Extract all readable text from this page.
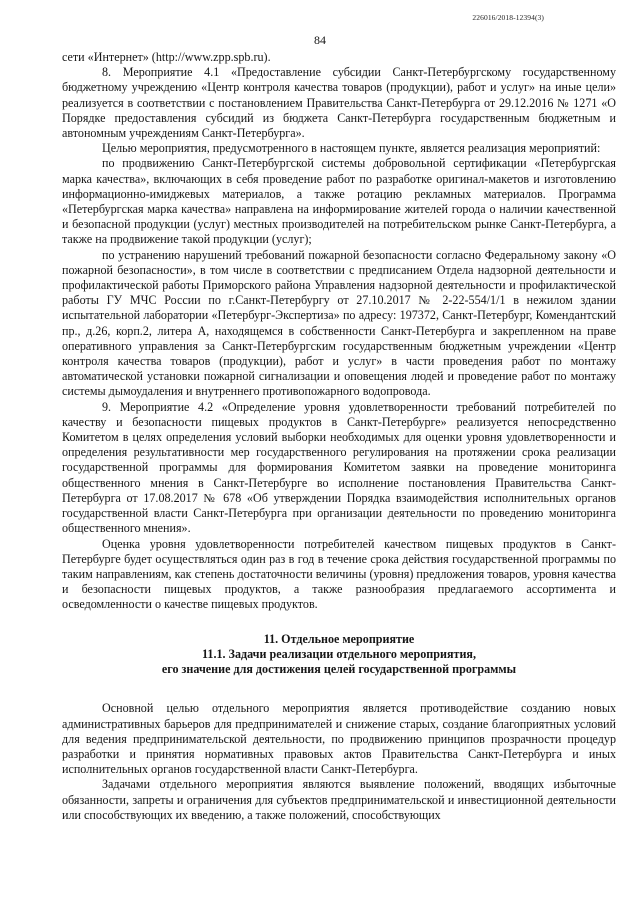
226016/2018-12394(3)
84

сети «Интернет» (http://www.zpp.spb.ru).

8. Мероприятие 4.1 «Предоставление субсидии Санкт-Петербургскому государственному бюджетному учреждению «Центр контроля качества товаров (продукции), работ и услуг» на иные цели» реализуется в соответствии с постановлением Правительства Санкт-Петербурга от 29.12.2016 № 1271 «О Порядке предоставления субсидий из бюджета Санкт-Петербурга государственным бюджетным и автономным учреждениям Санкт-Петербурга».

Целью мероприятия, предусмотренного в настоящем пункте, является реализация мероприятий:

по продвижению Санкт-Петербургской системы добровольной сертификации «Петербургская марка качества», включающих в себя проведение работ по разработке оригинал-макетов и изготовлению информационно-имиджевых материалов, а также ротацию рекламных материалов. Программа «Петербургская марка качества» направлена на информирование жителей города о наличии качественной и безопасной продукции (услуг) местных производителей на потребительском рынке Санкт-Петербурга, а также на продвижение такой продукции (услуг);

по устранению нарушений требований пожарной безопасности согласно Федеральному закону «О пожарной безопасности», в том числе в соответствии с предписанием Отдела надзорной деятельности и профилактической работы Приморского района Управления надзорной деятельности и профилактической работы ГУ МЧС России по г.Санкт-Петербургу от 27.10.2017 № 2-22-554/1/1 в нежилом здании испытательной лаборатории «Петербург-Экспертиза» по адресу: 197372, Санкт-Петербург, Комендантский пр., д.26, корп.2, литера А, находящемся в собственности Санкт-Петербурга и закрепленном на праве оперативного управления за Санкт-Петербургским государственным бюджетным учреждении «Центр контроля качества товаров (продукции), работ и услуг» в части проведения работ по монтажу автоматической установки пожарной сигнализации и оповещения людей и проведение работ по монтажу системы дымоудаления и внутреннего противопожарного водопровода.

9. Мероприятие 4.2 «Определение уровня удовлетворенности требований потребителей по качеству и безопасности пищевых продуктов в Санкт-Петербурге» реализуется непосредственно Комитетом в целях определения условий выборки необходимых для оценки уровня удовлетворенности и определения результативности мер государственного регулирования на протяжении срока реализации государственной программы для формирования Комитетом заявки на проведение мониторинга общественного мнения в Санкт-Петербурге во исполнение постановления Правительства Санкт-Петербурга от 17.08.2017 № 678 «Об утверждении Порядка взаимодействия исполнительных органов государственной власти Санкт-Петербурга при организации деятельности по проведению мониторинга общественного мнения».

Оценка уровня удовлетворенности потребителей качеством пищевых продуктов в Санкт-Петербурге будет осуществляться один раз в год в течение срока действия государственной программы по таким направлениям, как степень достаточности величины (уровня) предложения товаров, уровня качества и безопасности пищевых продуктов, а также разнообразия предлагаемого ассортимента и осведомленности о качестве пищевых продуктов.

11. Отдельное мероприятие
11.1. Задачи реализации отдельного мероприятия,
его значение для достижения целей государственной программы

Основной целью отдельного мероприятия является противодействие созданию новых административных барьеров для предпринимателей и снижение старых, создание благоприятных условий для ведения предпринимательской деятельности, по продвижению принципов прозрачности процедур разработки и принятия нормативных правовых актов Правительства Санкт-Петербурга и иных исполнительных органов государственной власти Санкт-Петербурга.

Задачами отдельного мероприятия являются выявление положений, вводящих избыточные обязанности, запреты и ограничения для субъектов предпринимательской и инвестиционной деятельности или способствующих их введению, а также положений, способствующих
